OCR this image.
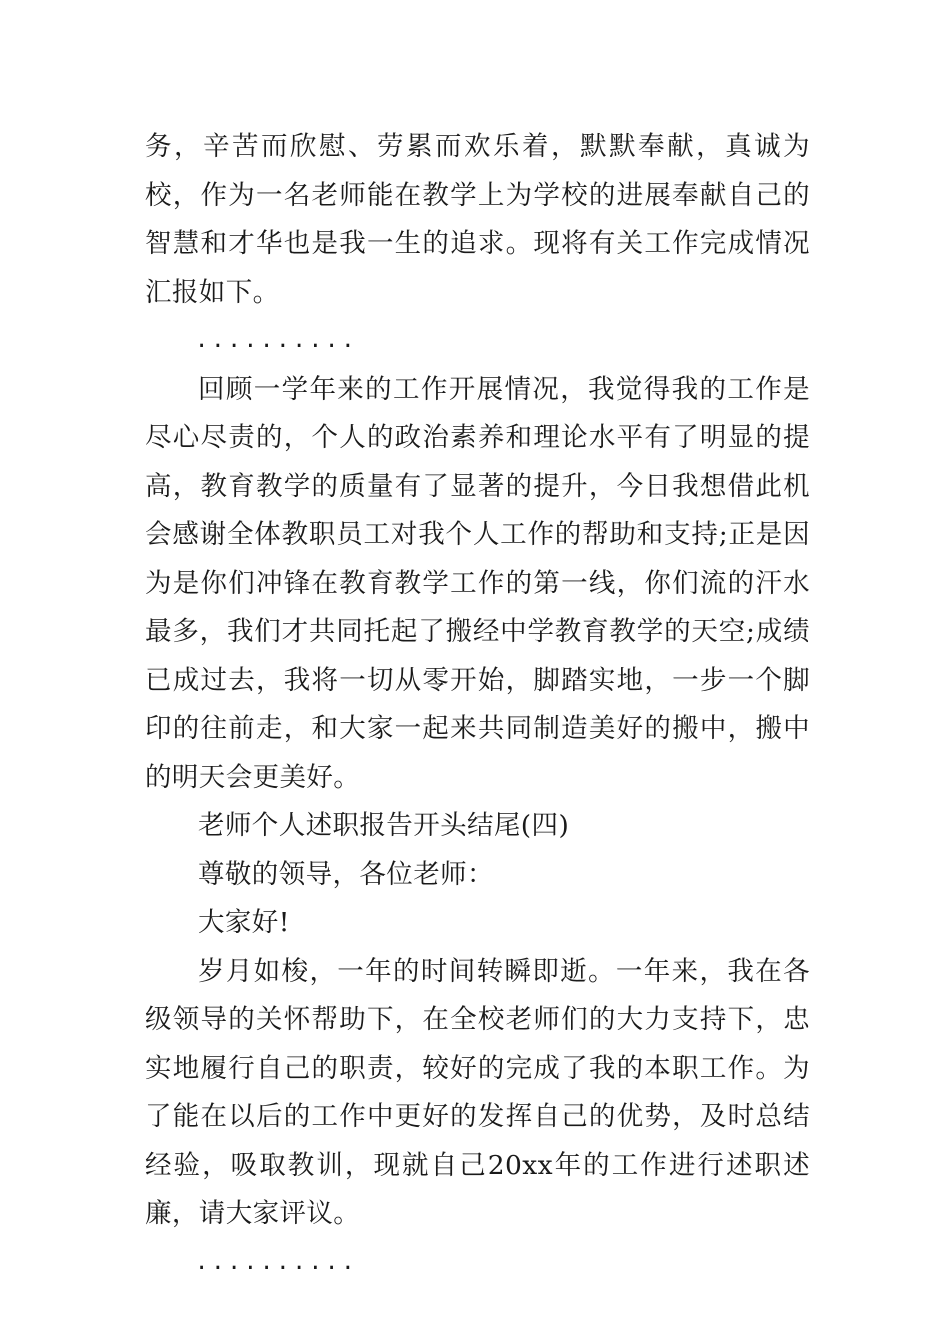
务，辛苦而欣慰、劳累而欢乐着，默默奉献，真诚为校，作为一名老师能在教学上为学校的进展奉献自己的智慧和才华也是我一生的追求。现将有关工作完成情况汇报如下。

..........

回顾一学年来的工作开展情况，我觉得我的工作是尽心尽责的，个人的政治素养和理论水平有了明显的提高，教育教学的质量有了显著的提升，今日我想借此机会感谢全体教职员工对我个人工作的帮助和支持;正是因为是你们冲锋在教育教学工作的第一线，你们流的汗水最多，我们才共同托起了搬经中学教育教学的天空;成绩已成过去，我将一切从零开始，脚踏实地，一步一个脚印的往前走，和大家一起来共同制造美好的搬中，搬中的明天会更美好。

老师个人述职报告开头结尾(四)

尊敬的领导，各位老师：

大家好!

岁月如梭，一年的时间转瞬即逝。一年来，我在各级领导的关怀帮助下，在全校老师们的大力支持下，忠实地履行自己的职责，较好的完成了我的本职工作。为了能在以后的工作中更好的发挥自己的优势，及时总结经验，吸取教训，现就自己20xx年的工作进行述职述廉，请大家评议。

..........
